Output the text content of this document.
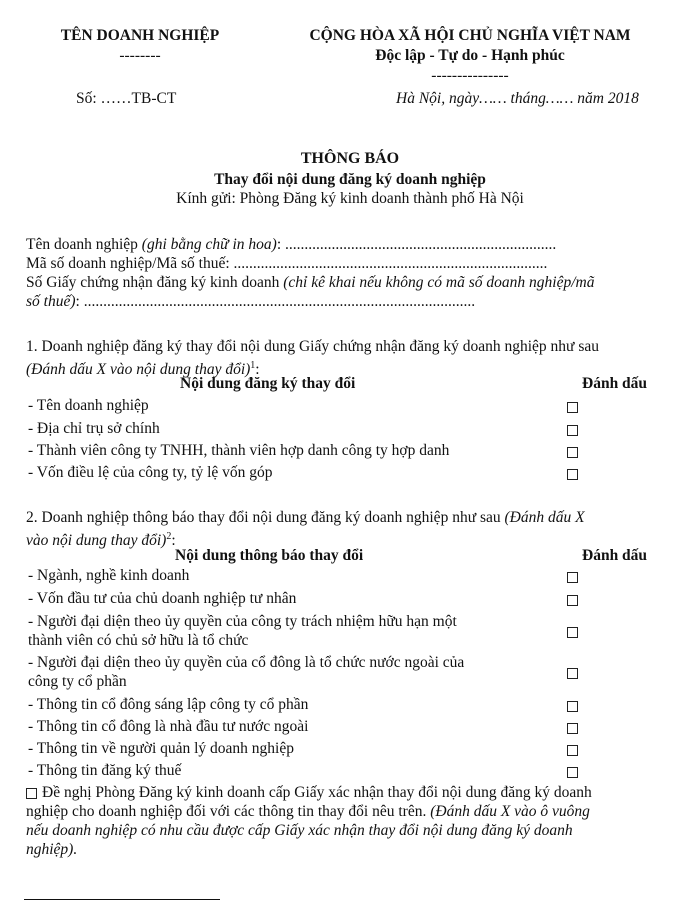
TÊN DOANH NGHIỆP
--------
Số: ……TB-CT
CỘNG HÒA XÃ HỘI CHỦ NGHĨA VIỆT NAM
Độc lập - Tự do - Hạnh phúc
---------------
Hà Nội, ngày…… tháng…… năm 2018
THÔNG BÁO
Thay đổi nội dung đăng ký doanh nghiệp
Kính gửi: Phòng Đăng ký kinh doanh thành phố Hà Nội
Tên doanh nghiệp (ghi bằng chữ in hoa): ......................................................................
Mã số doanh nghiệp/Mã số thuế: .................................................................................
Số Giấy chứng nhận đăng ký kinh doanh (chỉ kê khai nếu không có mã số doanh nghiệp/mã
số thuế): .....................................................................................................
1. Doanh nghiệp đăng ký thay đổi nội dung Giấy chứng nhận đăng ký doanh nghiệp như sau
(Đánh dấu X vào nội dung thay đổi)$^1$:
Nội dung đăng ký thay đổi	Đánh dấu
- Tên doanh nghiệp
- Địa chỉ trụ sở chính
- Thành viên công ty TNHH, thành viên hợp danh công ty hợp danh
- Vốn điều lệ của công ty, tỷ lệ vốn góp
2. Doanh nghiệp thông báo thay đổi nội dung đăng ký doanh nghiệp như sau (Đánh dấu X
vào nội dung thay đổi)$^2$:
Nội dung thông báo thay đổi	Đánh dấu
- Ngành, nghề kinh doanh
- Vốn đầu tư của chủ doanh nghiệp tư nhân
- Người đại diện theo ủy quyền của công ty trách nhiệm hữu hạn một
thành viên có chủ sở hữu là tổ chức
- Người đại diện theo ủy quyền của cổ đông là tổ chức nước ngoài của
công ty cổ phần
- Thông tin cổ đông sáng lập công ty cổ phần
- Thông tin cổ đông là nhà đầu tư nước ngoài
- Thông tin về người quản lý doanh nghiệp
- Thông tin đăng ký thuế
Đề nghị Phòng Đăng ký kinh doanh cấp Giấy xác nhận thay đổi nội dung đăng ký doanh
nghiệp cho doanh nghiệp đối với các thông tin thay đổi nêu trên. (Đánh dấu X vào ô vuông
nếu doanh nghiệp có nhu cầu được cấp Giấy xác nhận thay đổi nội dung đăng ký doanh
nghiệp).
